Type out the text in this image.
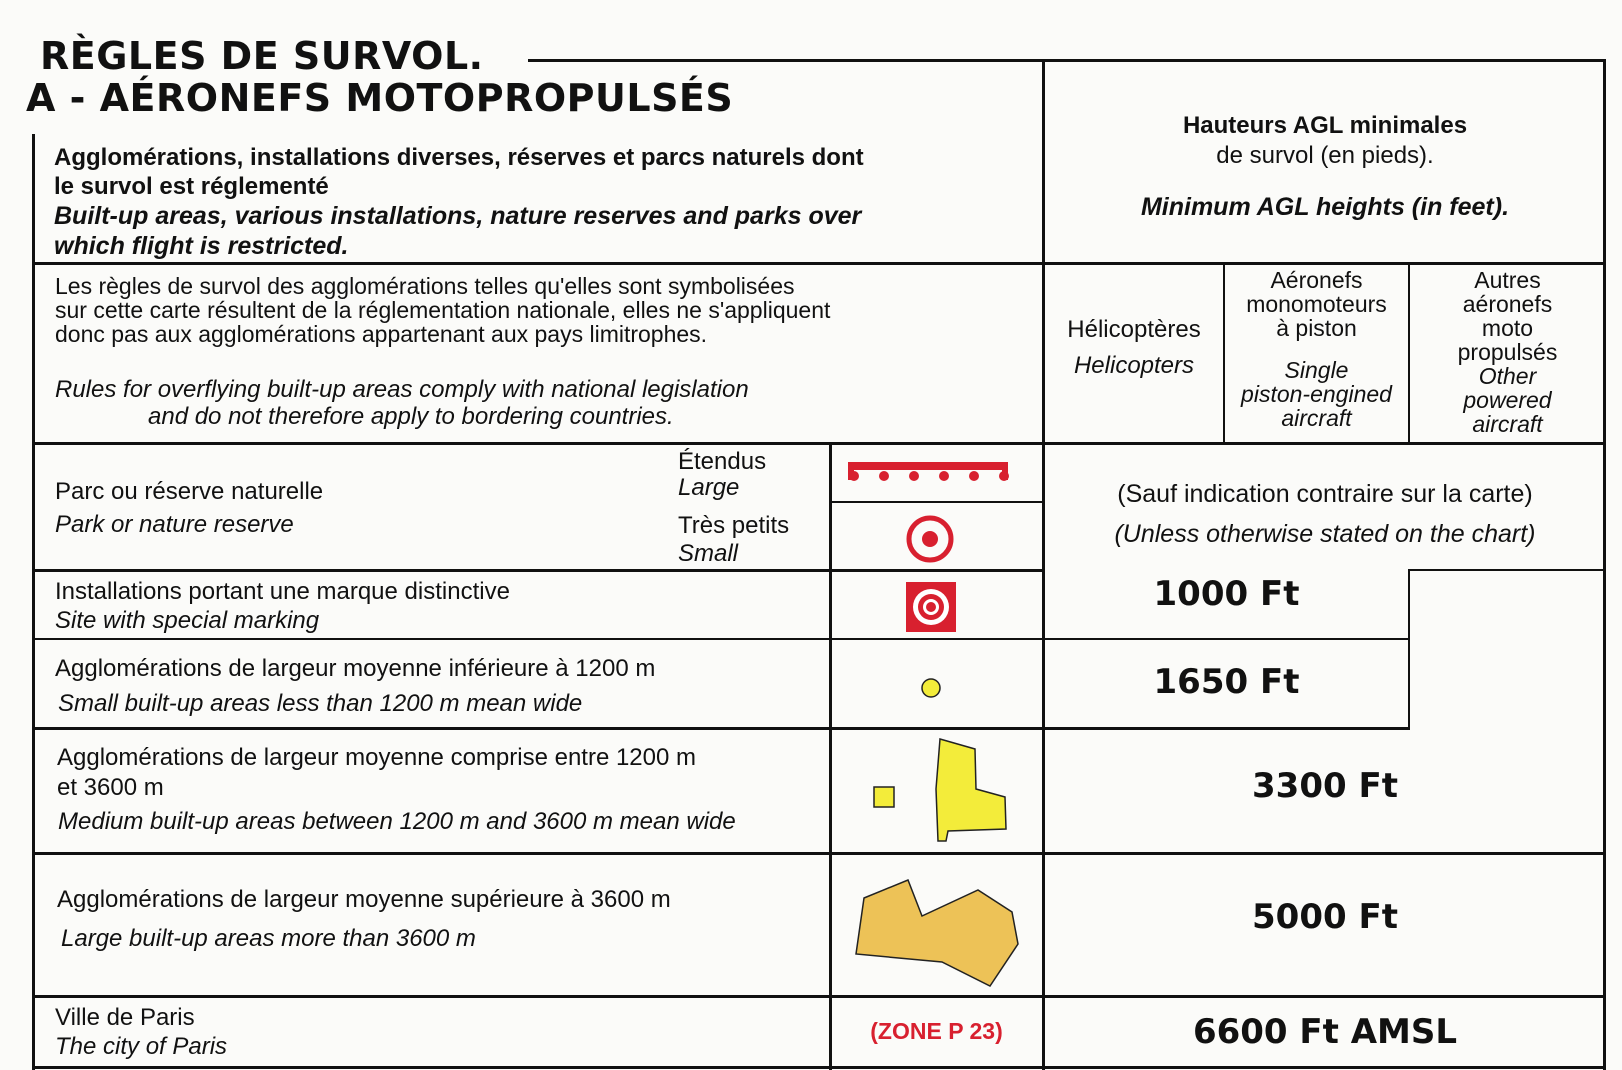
RÈGLES DE SURVOL.
A - AÉRONEFS MOTOPROPULSÉS
Agglomérations, installations diverses, réserves et parcs naturels dont
le survol est réglementé
Built-up areas, various installations, nature reserves and parks over
which flight is restricted.
Hauteurs AGL minimales
de survol (en pieds).
Minimum AGL heights (in feet).
Les règles de survol des agglomérations telles qu'elles sont symbolisées
sur cette carte résultent de la réglementation nationale, elles ne s'appliquent
donc pas aux agglomérations appartenant aux pays limitrophes.
Rules for overflying built-up areas comply with national legislation
and do not therefore apply to bordering countries.
Hélicoptères
Helicopters
Aéronefs
monomoteurs
à piston
Single
piston-engined
aircraft
Autres
aéronefs
moto
propulsés
Other
powered
aircraft
Parc ou réserve naturelle
Park or nature reserve
Étendus
Large
Très petits
Small
(Sauf indication contraire sur la carte)
(Unless otherwise stated on the chart)
Installations portant une marque distinctive
Site with special marking
1000 Ft
Agglomérations de largeur moyenne inférieure à 1200 m
Small built-up areas less than 1200 m mean wide
1650 Ft
Agglomérations de largeur moyenne comprise entre 1200 m
et 3600 m
Medium built-up areas between 1200 m and 3600 m mean wide
3300 Ft
Agglomérations de largeur moyenne supérieure à 3600 m
Large built-up areas more than 3600 m
5000 Ft
Ville de Paris
The city of Paris
(ZONE P 23)	6600 Ft AMSL
